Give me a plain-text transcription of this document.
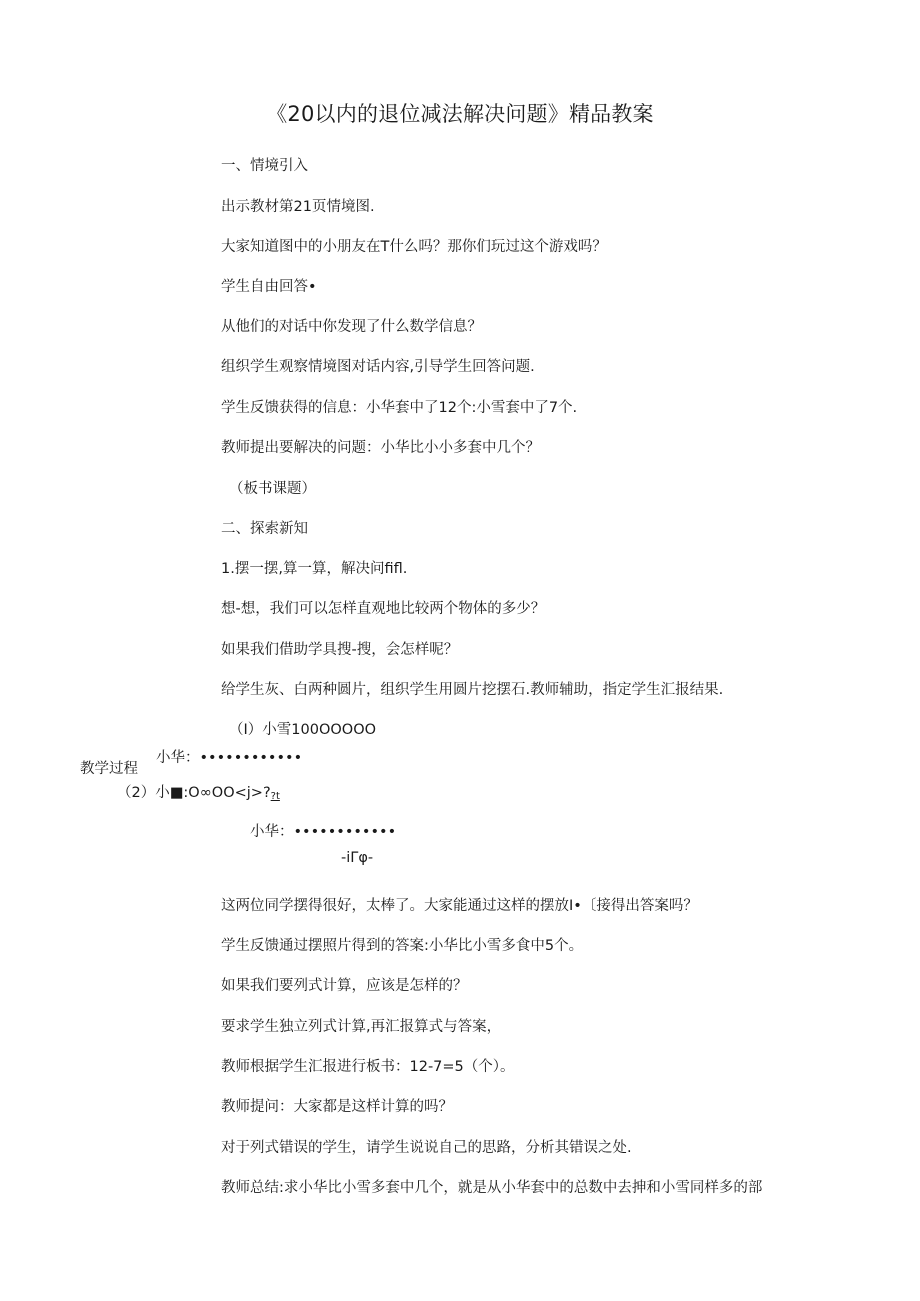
《20以内的退位减法解决问题》精品教案
一、情境引入
出示教材第21页情境图.
大家知道图中的小朋友在T什么吗？那你们玩过这个游戏吗？
学生自由回答•
从他们的对话中你发现了什么数学信息？
组织学生观察情境图对话内容,引导学生回答问题.
学生反馈获得的信息：小华套中了12个:小雪套中了7个.
教师提出要解决的问题：小华比小小多套中几个？
（板书课题）
二、探索新知
1.摆一摆,算一算，解决问fifl.
想-想，我们可以怎样直观地比较两个物体的多少？
如果我们借助学具搜-搜，会怎样呢？
给学生灰、白两种圆片，组织学生用圆片挖摆石.教师辅助，指定学生汇报结果.
（I）小雪100OOOOO
教学过程
小华：••••••••••••
（2）小■:O∞OO<j>??t
小华：••••••••••••
-iΓφ-
这两位同学摆得很好，太棒了。大家能通过这样的摆放I•〔接得出答案吗？
学生反馈通过摆照片得到的答案:小华比小雪多食中5个。
如果我们要列式计算，应该是怎样的？
要求学生独立列式计算,再汇报算式与答案，
教师根据学生汇报进行板书：12-7=5（个）。
教师提问：大家都是这样计算的吗？
对于列式错误的学生，请学生说说自己的思路，分析其错误之处.
教师总结:求小华比小雪多套中几个，就是从小华套中的总数中去抻和小雪同样多的部
